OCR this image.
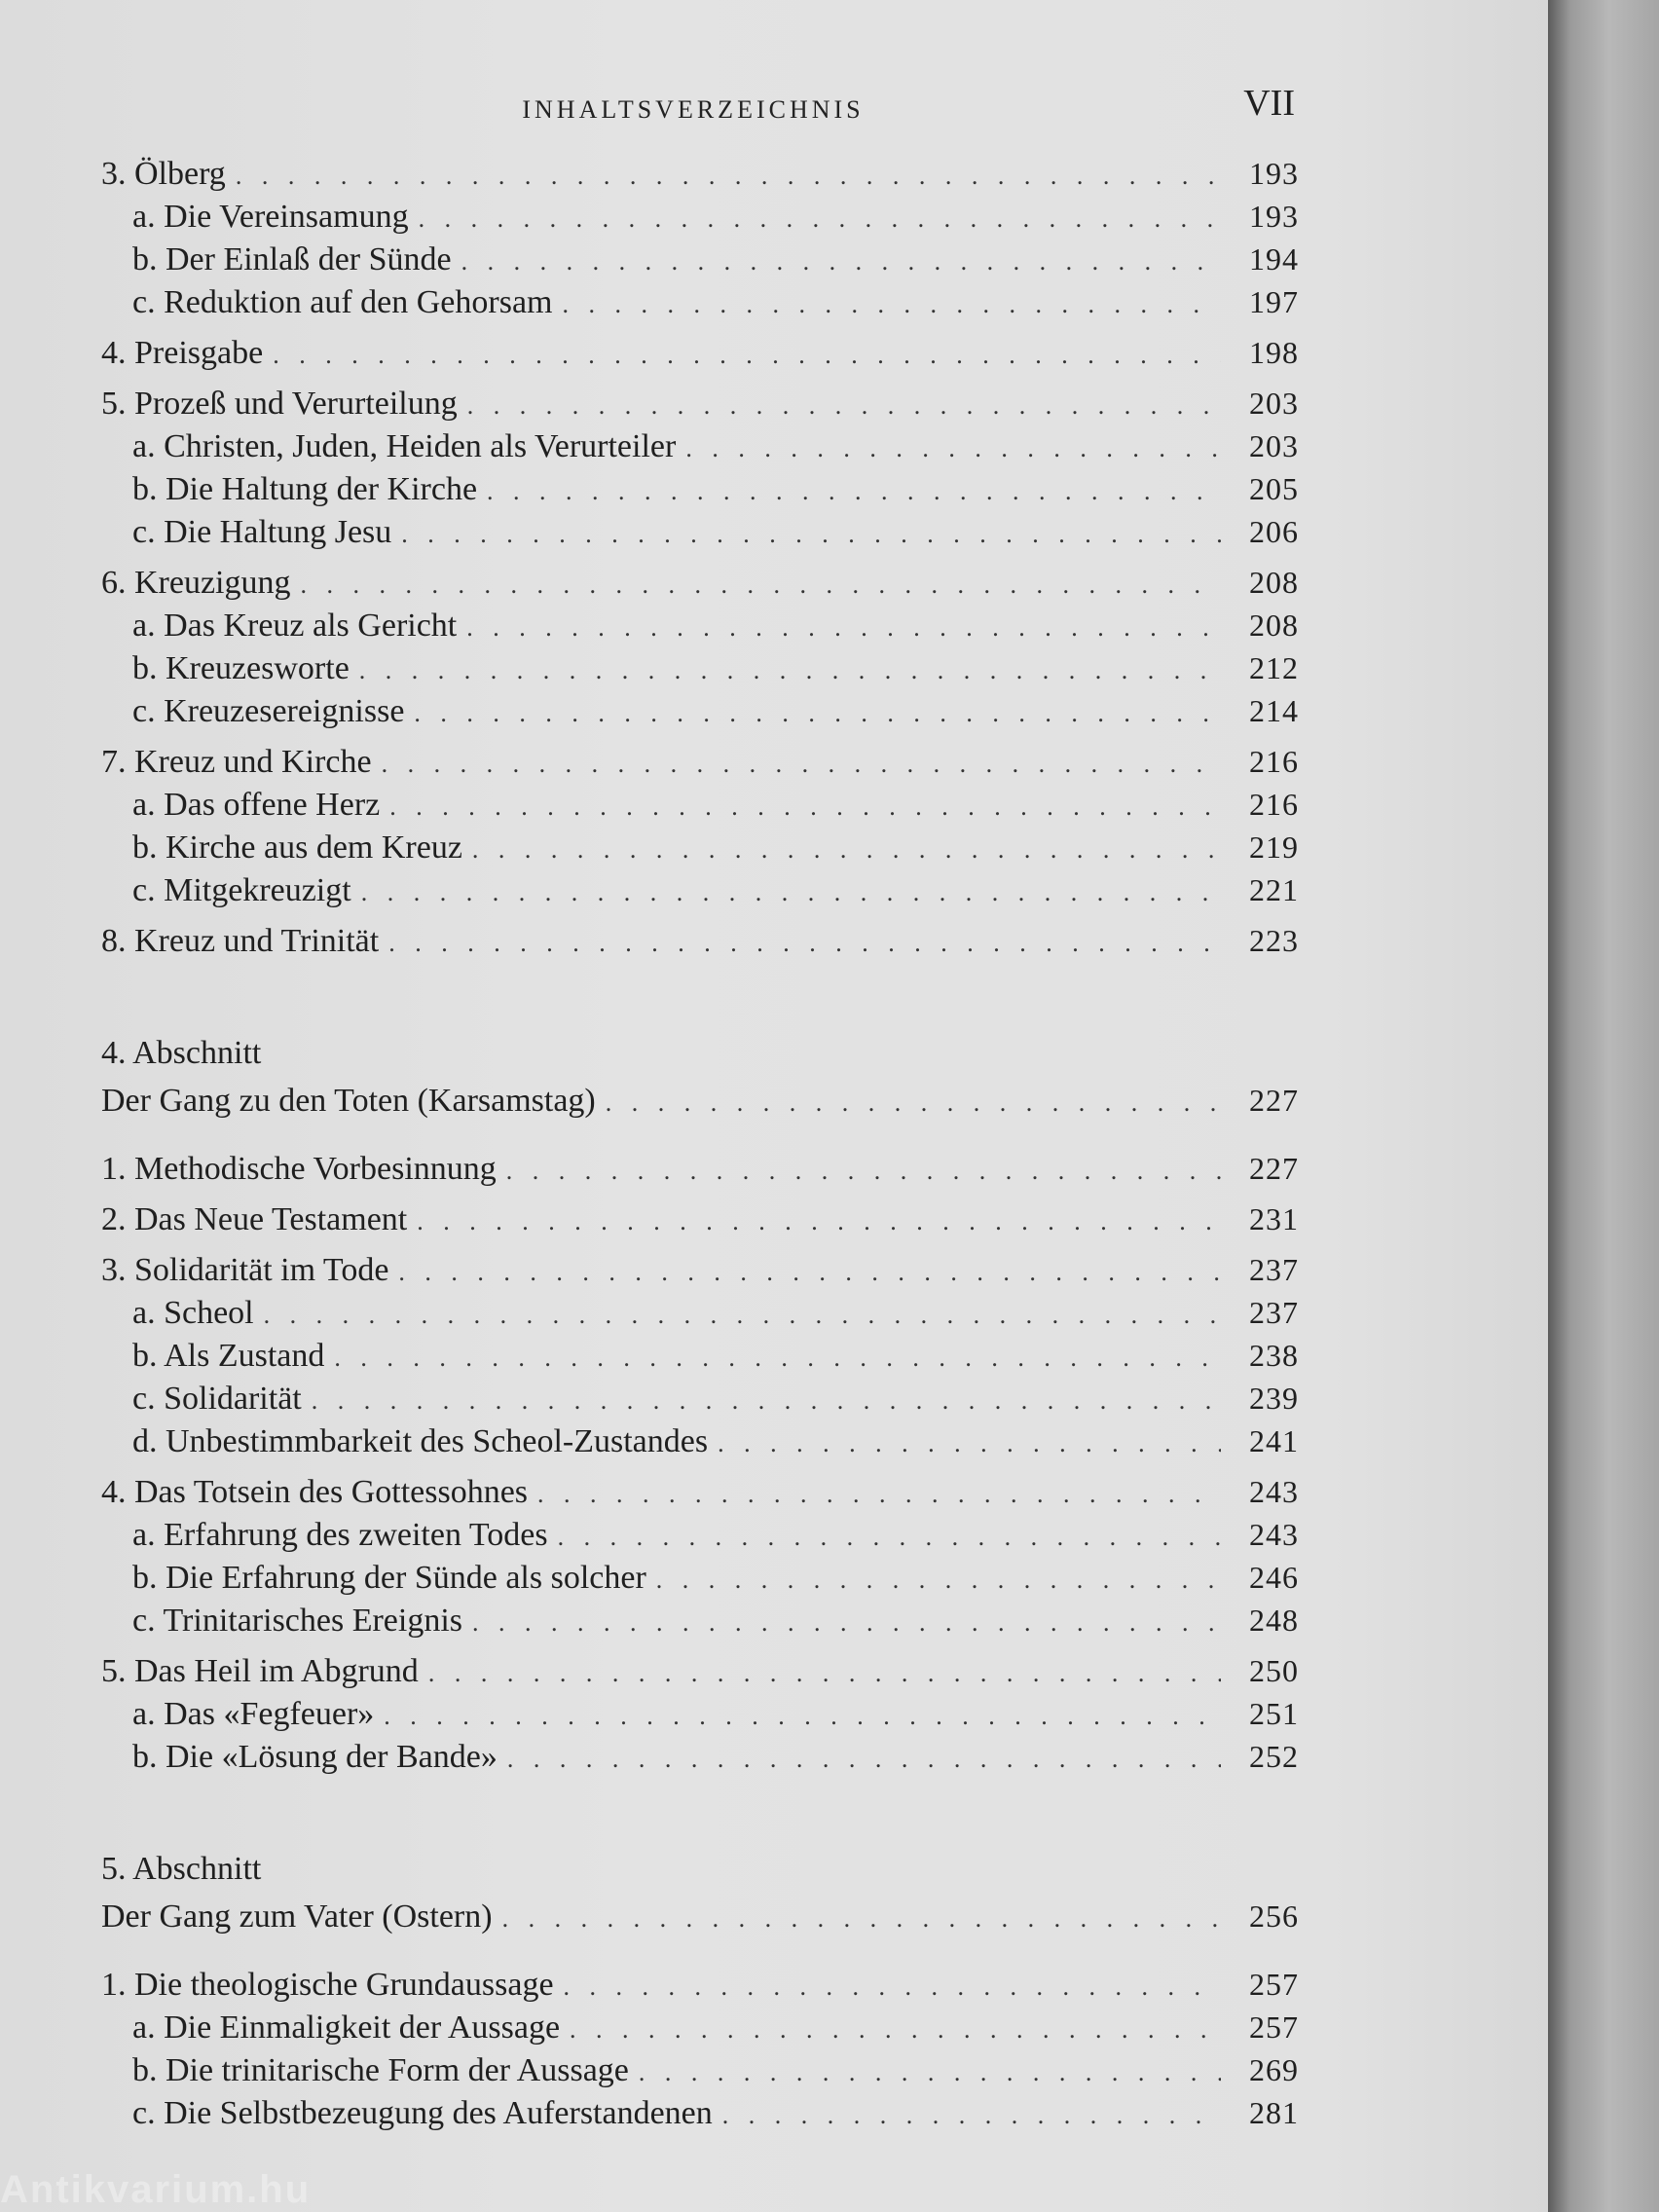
INHALTSVERZEICHNIS	VII
3. Ölberg . . .	193
a. Die Vereinsamung . . .	193
b. Der Einlaß der Sünde . . .	194
c. Reduktion auf den Gehorsam . . .	197
4. Preisgabe . . .	198
5. Prozeß und Verurteilung . . .	203
a. Christen, Juden, Heiden als Verurteiler . . .	203
b. Die Haltung der Kirche . . .	205
c. Die Haltung Jesu . . .	206
6. Kreuzigung . . .	208
a. Das Kreuz als Gericht . . .	208
b. Kreuzesworte . . .	212
c. Kreuzesereignisse . . .	214
7. Kreuz und Kirche . . .	216
a. Das offene Herz . . .	216
b. Kirche aus dem Kreuz . . .	219
c. Mitgekreuzigt . . .	221
8. Kreuz und Trinität . . .	223
4. Abschnitt
Der Gang zu den Toten (Karsamstag) . . .	227
1. Methodische Vorbesinnung . . .	227
2. Das Neue Testament . . .	231
3. Solidarität im Tode . . .	237
a. Scheol . . .	237
b. Als Zustand . . .	238
c. Solidarität . . .	239
d. Unbestimmbarkeit des Scheol-Zustandes . . .	241
4. Das Totsein des Gottessohnes . . .	243
a. Erfahrung des zweiten Todes . . .	243
b. Die Erfahrung der Sünde als solcher . . .	246
c. Trinitarisches Ereignis . . .	248
5. Das Heil im Abgrund . . .	250
a. Das «Fegfeuer» . . .	251
b. Die «Lösung der Bande» . . .	252
5. Abschnitt
Der Gang zum Vater (Ostern) . . .	256
1. Die theologische Grundaussage . . .	257
a. Die Einmaligkeit der Aussage . . .	257
b. Die trinitarische Form der Aussage . . .	269
c. Die Selbstbezeugung des Auferstandenen . . .	281
Antikvarium.hu
